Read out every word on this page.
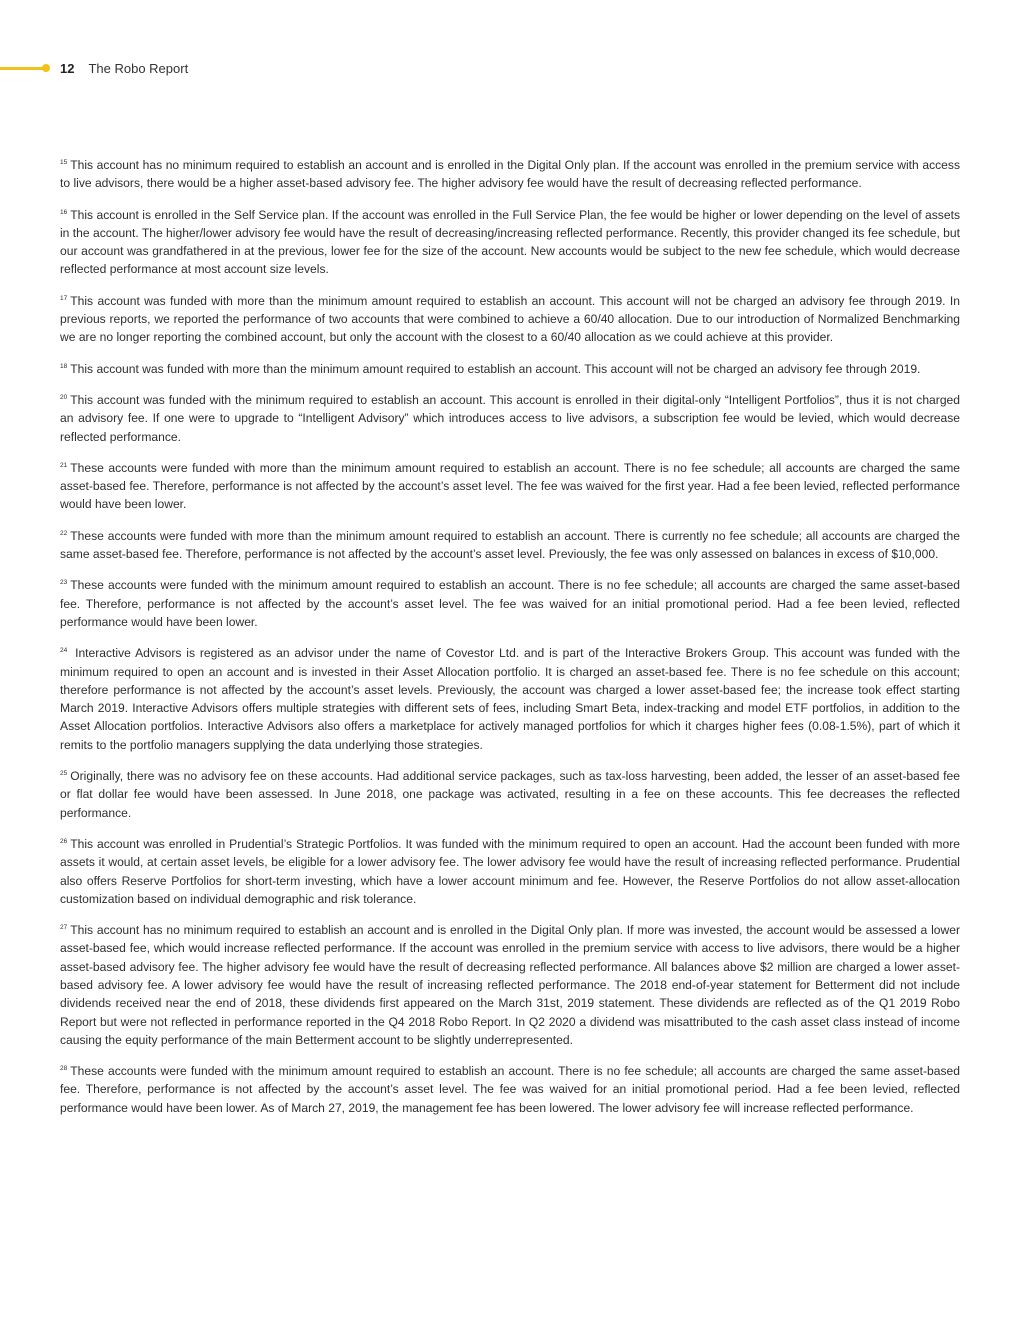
12 The Robo Report

$^{15}$ This account has no minimum required to establish an account and is enrolled in the Digital Only plan. If the account was enrolled in the premium service with access to live advisors, there would be a higher asset-based advisory fee. The higher advisory fee would have the result of decreasing reflected performance.

$^{16}$ This account is enrolled in the Self Service plan. If the account was enrolled in the Full Service Plan, the fee would be higher or lower depending on the level of assets in the account. The higher/lower advisory fee would have the result of decreasing/increasing reflected performance. Recently, this provider changed its fee schedule, but our account was grandfathered in at the previous, lower fee for the size of the account. New accounts would be subject to the new fee schedule, which would decrease reflected performance at most account size levels.

$^{17}$ This account was funded with more than the minimum amount required to establish an account. This account will not be charged an advisory fee through 2019. In previous reports, we reported the performance of two accounts that were combined to achieve a 60/40 allocation. Due to our introduction of Normalized Benchmarking we are no longer reporting the combined account, but only the account with the closest to a 60/40 allocation as we could achieve at this provider.

$^{18}$ This account was funded with more than the minimum amount required to establish an account. This account will not be charged an advisory fee through 2019.

$^{20}$ This account was funded with the minimum required to establish an account. This account is enrolled in their digital-only “Intelligent Portfolios”, thus it is not charged an advisory fee. If one were to upgrade to “Intelligent Advisory” which introduces access to live advisors, a subscription fee would be levied, which would decrease reflected performance.

$^{21}$ These accounts were funded with more than the minimum amount required to establish an account. There is no fee schedule; all accounts are charged the same asset-based fee. Therefore, performance is not affected by the account’s asset level. The fee was waived for the first year. Had a fee been levied, reflected performance would have been lower.

$^{22}$ These accounts were funded with more than the minimum amount required to establish an account. There is currently no fee schedule; all accounts are charged the same asset-based fee. Therefore, performance is not affected by the account’s asset level. Previously, the fee was only assessed on balances in excess of $10,000.

$^{23}$ These accounts were funded with the minimum amount required to establish an account. There is no fee schedule; all accounts are charged the same asset-based fee. Therefore, performance is not affected by the account’s asset level. The fee was waived for an initial promotional period. Had a fee been levied, reflected performance would have been lower.

$^{24}$ Interactive Advisors is registered as an advisor under the name of Covestor Ltd. and is part of the Interactive Brokers Group. This account was funded with the minimum required to open an account and is invested in their Asset Allocation portfolio. It is charged an asset-based fee. There is no fee schedule on this account; therefore performance is not affected by the account’s asset levels. Previously, the account was charged a lower asset-based fee; the increase took effect starting March 2019. Interactive Advisors offers multiple strategies with different sets of fees, including Smart Beta, index-tracking and model ETF portfolios, in addition to the Asset Allocation portfolios. Interactive Advisors also offers a marketplace for actively managed portfolios for which it charges higher fees (0.08-1.5%), part of which it remits to the portfolio managers supplying the data underlying those strategies.

$^{25}$ Originally, there was no advisory fee on these accounts. Had additional service packages, such as tax-loss harvesting, been added, the lesser of an asset-based fee or flat dollar fee would have been assessed. In June 2018, one package was activated, resulting in a fee on these accounts. This fee decreases the reflected performance.

$^{26}$ This account was enrolled in Prudential’s Strategic Portfolios. It was funded with the minimum required to open an account. Had the account been funded with more assets it would, at certain asset levels, be eligible for a lower advisory fee. The lower advisory fee would have the result of increasing reflected performance. Prudential also offers Reserve Portfolios for short-term investing, which have a lower account minimum and fee. However, the Reserve Portfolios do not allow asset-allocation customization based on individual demographic and risk tolerance.

$^{27}$ This account has no minimum required to establish an account and is enrolled in the Digital Only plan. If more was invested, the account would be assessed a lower asset-based fee, which would increase reflected performance. If the account was enrolled in the premium service with access to live advisors, there would be a higher asset-based advisory fee. The higher advisory fee would have the result of decreasing reflected performance. All balances above $2 million are charged a lower asset-based advisory fee. A lower advisory fee would have the result of increasing reflected performance. The 2018 end-of-year statement for Betterment did not include dividends received near the end of 2018, these dividends first appeared on the March 31st, 2019 statement. These dividends are reflected as of the Q1 2019 Robo Report but were not reflected in performance reported in the Q4 2018 Robo Report. In Q2 2020 a dividend was misattributed to the cash asset class instead of income causing the equity performance of the main Betterment account to be slightly underrepresented.

$^{28}$ These accounts were funded with the minimum amount required to establish an account. There is no fee schedule; all accounts are charged the same asset-based fee. Therefore, performance is not affected by the account’s asset level. The fee was waived for an initial promotional period. Had a fee been levied, reflected performance would have been lower. As of March 27, 2019, the management fee has been lowered. The lower advisory fee will increase reflected performance.
